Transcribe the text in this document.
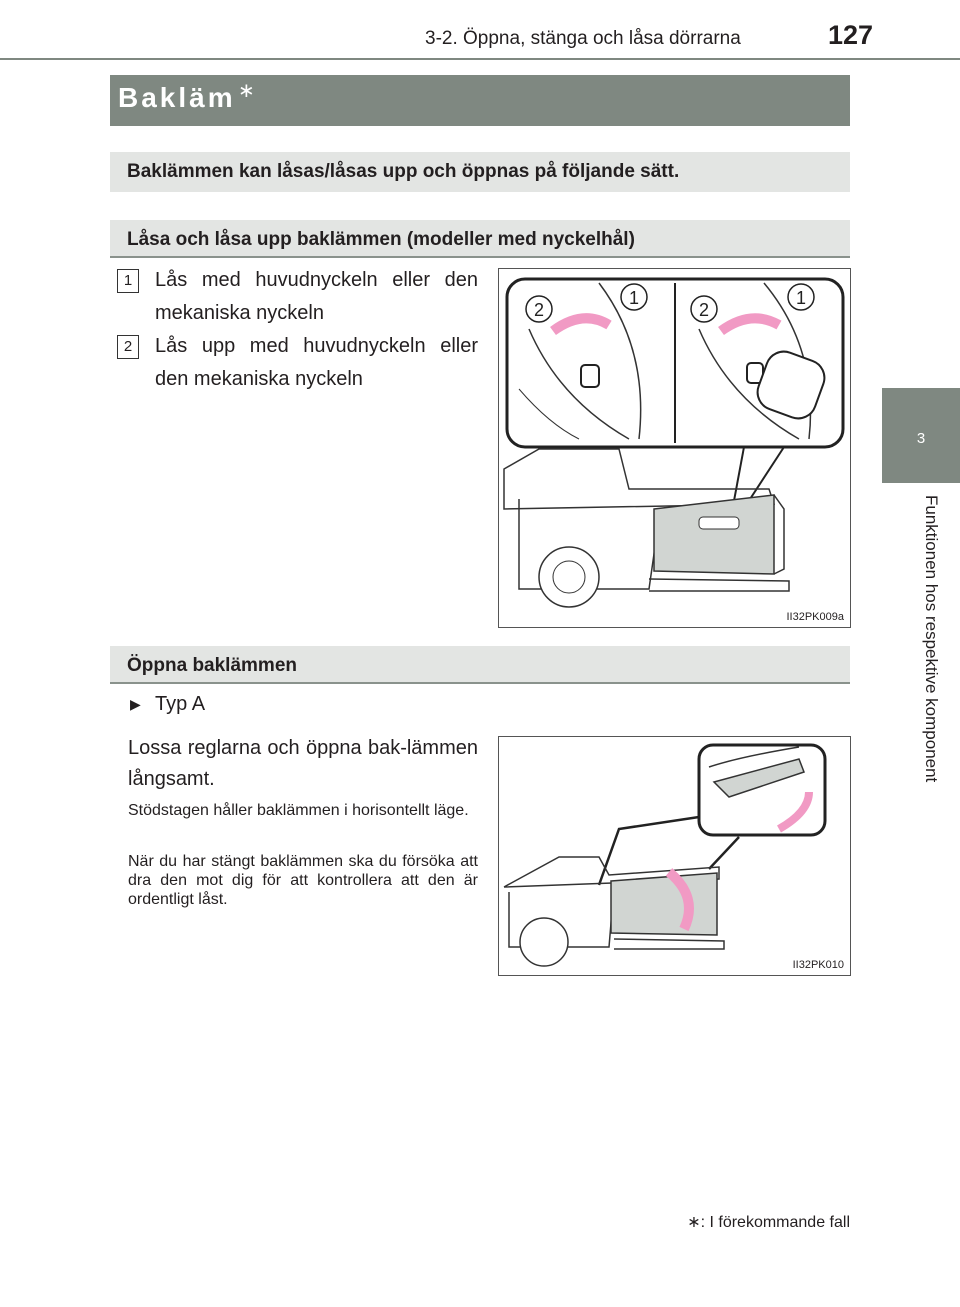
3-2. Öppna, stänga och låsa dörrarna	127
3
Funktionen hos respektive komponent
Bakläm ∗
Baklämmen kan låsas/låsas upp och öppnas på följande sätt.
Låsa och låsa upp baklämmen (modeller med nyckelhål)
1	Lås med huvudnyckeln eller den mekaniska nyckeln
2	Lås upp med huvudnyckeln eller den mekaniska nyckeln
2
1
2
1
II32PK009a
Öppna baklämmen
▶ Typ A
Lossa reglarna och öppna bak-lämmen långsamt.
Stödstagen håller baklämmen i horisontellt läge.
När du har stängt baklämmen ska du försöka att dra den mot dig för att kontrollera att den är ordentligt låst.
II32PK010
∗: I förekommande fall
